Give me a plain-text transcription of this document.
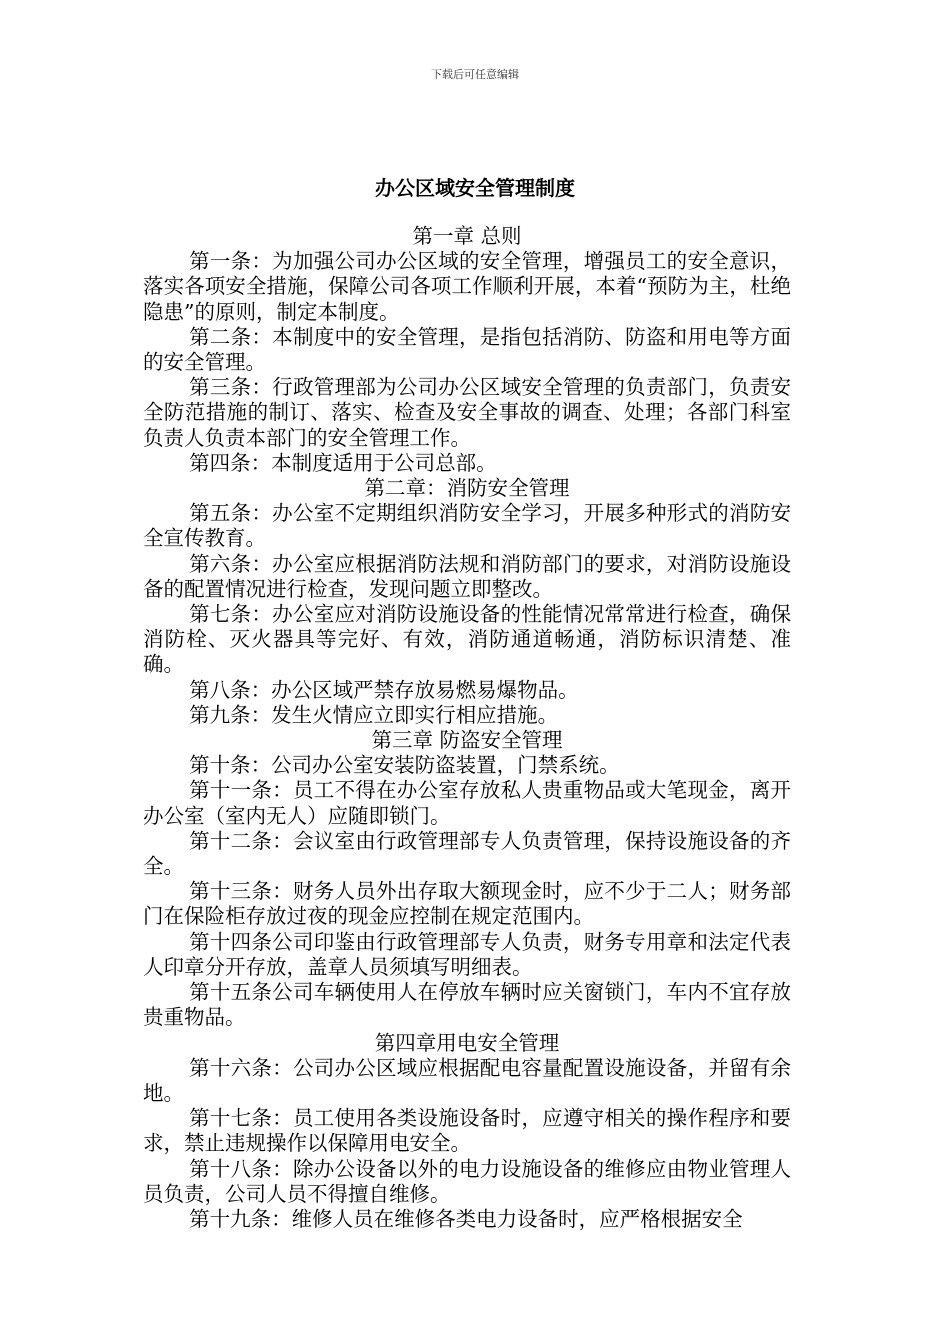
下载后可任意编辑
办公区域安全管理制度

第一章 总则

第一条：为加强公司办公区域的安全管理，增强员工的安全意识，落实各项安全措施，保障公司各项工作顺利开展，本着“预防为主，杜绝隐患”的原则，制定本制度。

第二条：本制度中的安全管理，是指包括消防、防盗和用电等方面的安全管理。

第三条：行政管理部为公司办公区域安全管理的负责部门，负责安全防范措施的制订、落实、检查及安全事故的调查、处理；各部门科室负责人负责本部门的安全管理工作。

第四条：本制度适用于公司总部。

第二章：消防安全管理

第五条：办公室不定期组织消防安全学习，开展多种形式的消防安全宣传教育。

第六条：办公室应根据消防法规和消防部门的要求，对消防设施设备的配置情况进行检查，发现问题立即整改。

第七条：办公室应对消防设施设备的性能情况常常进行检查，确保消防栓、灭火器具等完好、有效，消防通道畅通，消防标识清楚、准确。

第八条：办公区域严禁存放易燃易爆物品。

第九条：发生火情应立即实行相应措施。

第三章 防盗安全管理

第十条：公司办公室安装防盗装置，门禁系统。

第十一条：员工不得在办公室存放私人贵重物品或大笔现金，离开办公室（室内无人）应随即锁门。

第十二条：会议室由行政管理部专人负责管理，保持设施设备的齐全。

第十三条：财务人员外出存取大额现金时，应不少于二人；财务部门在保险柜存放过夜的现金应控制在规定范围内。

第十四条公司印鉴由行政管理部专人负责，财务专用章和法定代表人印章分开存放，盖章人员须填写明细表。

第十五条公司车辆使用人在停放车辆时应关窗锁门，车内不宜存放贵重物品。

第四章用电安全管理

第十六条：公司办公区域应根据配电容量配置设施设备，并留有余地。

第十七条：员工使用各类设施设备时，应遵守相关的操作程序和要求，禁止违规操作以保障用电安全。

第十八条：除办公设备以外的电力设施设备的维修应由物业管理人员负责，公司人员不得擅自维修。

第十九条：维修人员在维修各类电力设备时，应严格根据安全
